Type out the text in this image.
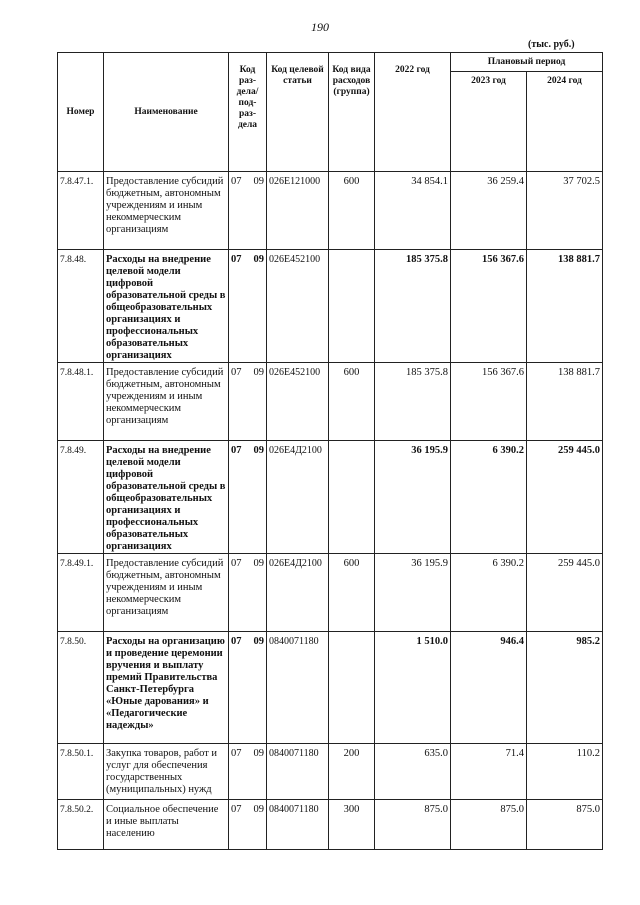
190
(тыс. руб.)
Номер	Наименование	Код раз-дела/ под-раз-дела	Код целевой статьи	Код вида расходов (группа)	2022 год	Плановый период	
						2023 год	2024 год
7.8.47.1.	Предоставление субсидий бюджетным, автономным учреждениям и иным некоммерческим организациям	07 09	026E121000	600	34 854.1	36 259.4	37 702.5
7.8.48.	Расходы на внедрение целевой модели цифровой образовательной среды в общеобразовательных организациях и профессиональных образовательных организациях	07 09	026E452100		185 375.8	156 367.6	138 881.7
7.8.48.1.	Предоставление субсидий бюджетным, автономным учреждениям и иным некоммерческим организациям	07 09	026E452100	600	185 375.8	156 367.6	138 881.7
7.8.49.	Расходы на внедрение целевой модели цифровой образовательной среды в общеобразовательных организациях и профессиональных образовательных организациях	07 09	026E4Д2100		36 195.9	6 390.2	259 445.0
7.8.49.1.	Предоставление субсидий бюджетным, автономным учреждениям и иным некоммерческим организациям	07 09	026E4Д2100	600	36 195.9	6 390.2	259 445.0
7.8.50.	Расходы на организацию и проведение церемонии вручения и выплату премий Правительства Санкт-Петербурга «Юные дарования» и «Педагогические надежды»	07 09	0840071180		1 510.0	946.4	985.2
7.8.50.1.	Закупка товаров, работ и услуг для обеспечения государственных (муниципальных) нужд	07 09	0840071180	200	635.0	71.4	110.2
7.8.50.2.	Социальное обеспечение и иные выплаты населению	07 09	0840071180	300	875.0	875.0	875.0
